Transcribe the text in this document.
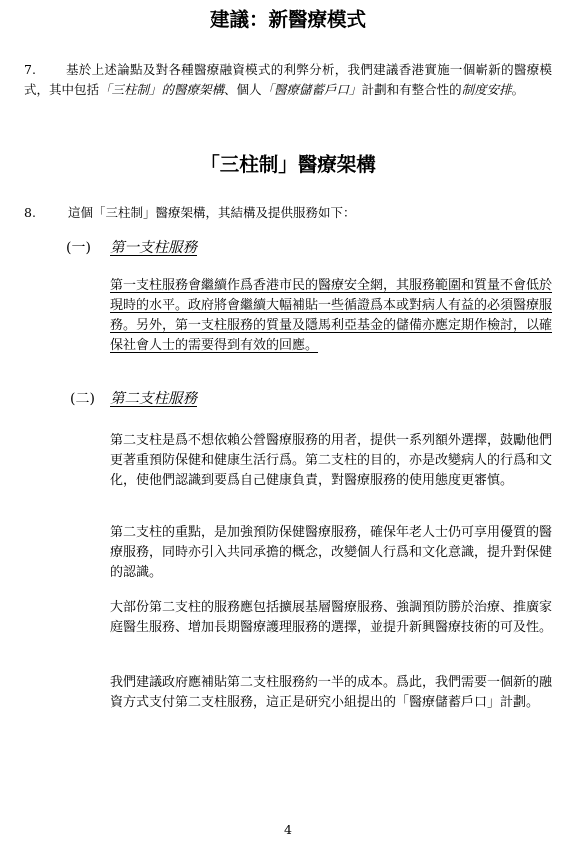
建議：新醫療模式
7.	基於上述論點及對各種醫療融資模式的利弊分析，我們建議香港實施一個嶄新的醫療模式，其中包括「三柱制」的醫療架構、個人「醫療儲蓄戶口」計劃和有整合性的制度安排。

「三柱制」醫療架構
8.	這個「三柱制」醫療架構，其結構及提供服務如下：

(一) 第一支柱服務

第一支柱服務會繼續作爲香港市民的醫療安全網，其服務範圍和質量不會低於現時的水平。政府將會繼續大幅補貼一些循證爲本或對病人有益的必須醫療服務。另外，第一支柱服務的質量及隱馬利亞基金的儲備亦應定期作檢討，以確保社會人士的需要得到有效的回應。

(二) 第二支柱服務

第二支柱是爲不想依賴公營醫療服務的用者，提供一系列額外選擇，鼓勵他們更著重預防保健和健康生活行爲。第二支柱的目的，亦是改變病人的行爲和文化，使他們認識到要爲自己健康負責，對醫療服務的使用態度更審慎。

第二支柱的重點，是加強預防保健醫療服務，確保年老人士仍可享用優質的醫療服務，同時亦引入共同承擔的概念，改變個人行爲和文化意識，提升對保健的認識。

大部份第二支柱的服務應包括擴展基層醫療服務、強調預防勝於治療、推廣家庭醫生服務、增加長期醫療護理服務的選擇，並提升新興醫療技術的可及性。

我們建議政府應補貼第二支柱服務約一半的成本。爲此，我們需要一個新的融資方式支付第二支柱服務，這正是研究小組提出的「醫療儲蓄戶口」計劃。

4
